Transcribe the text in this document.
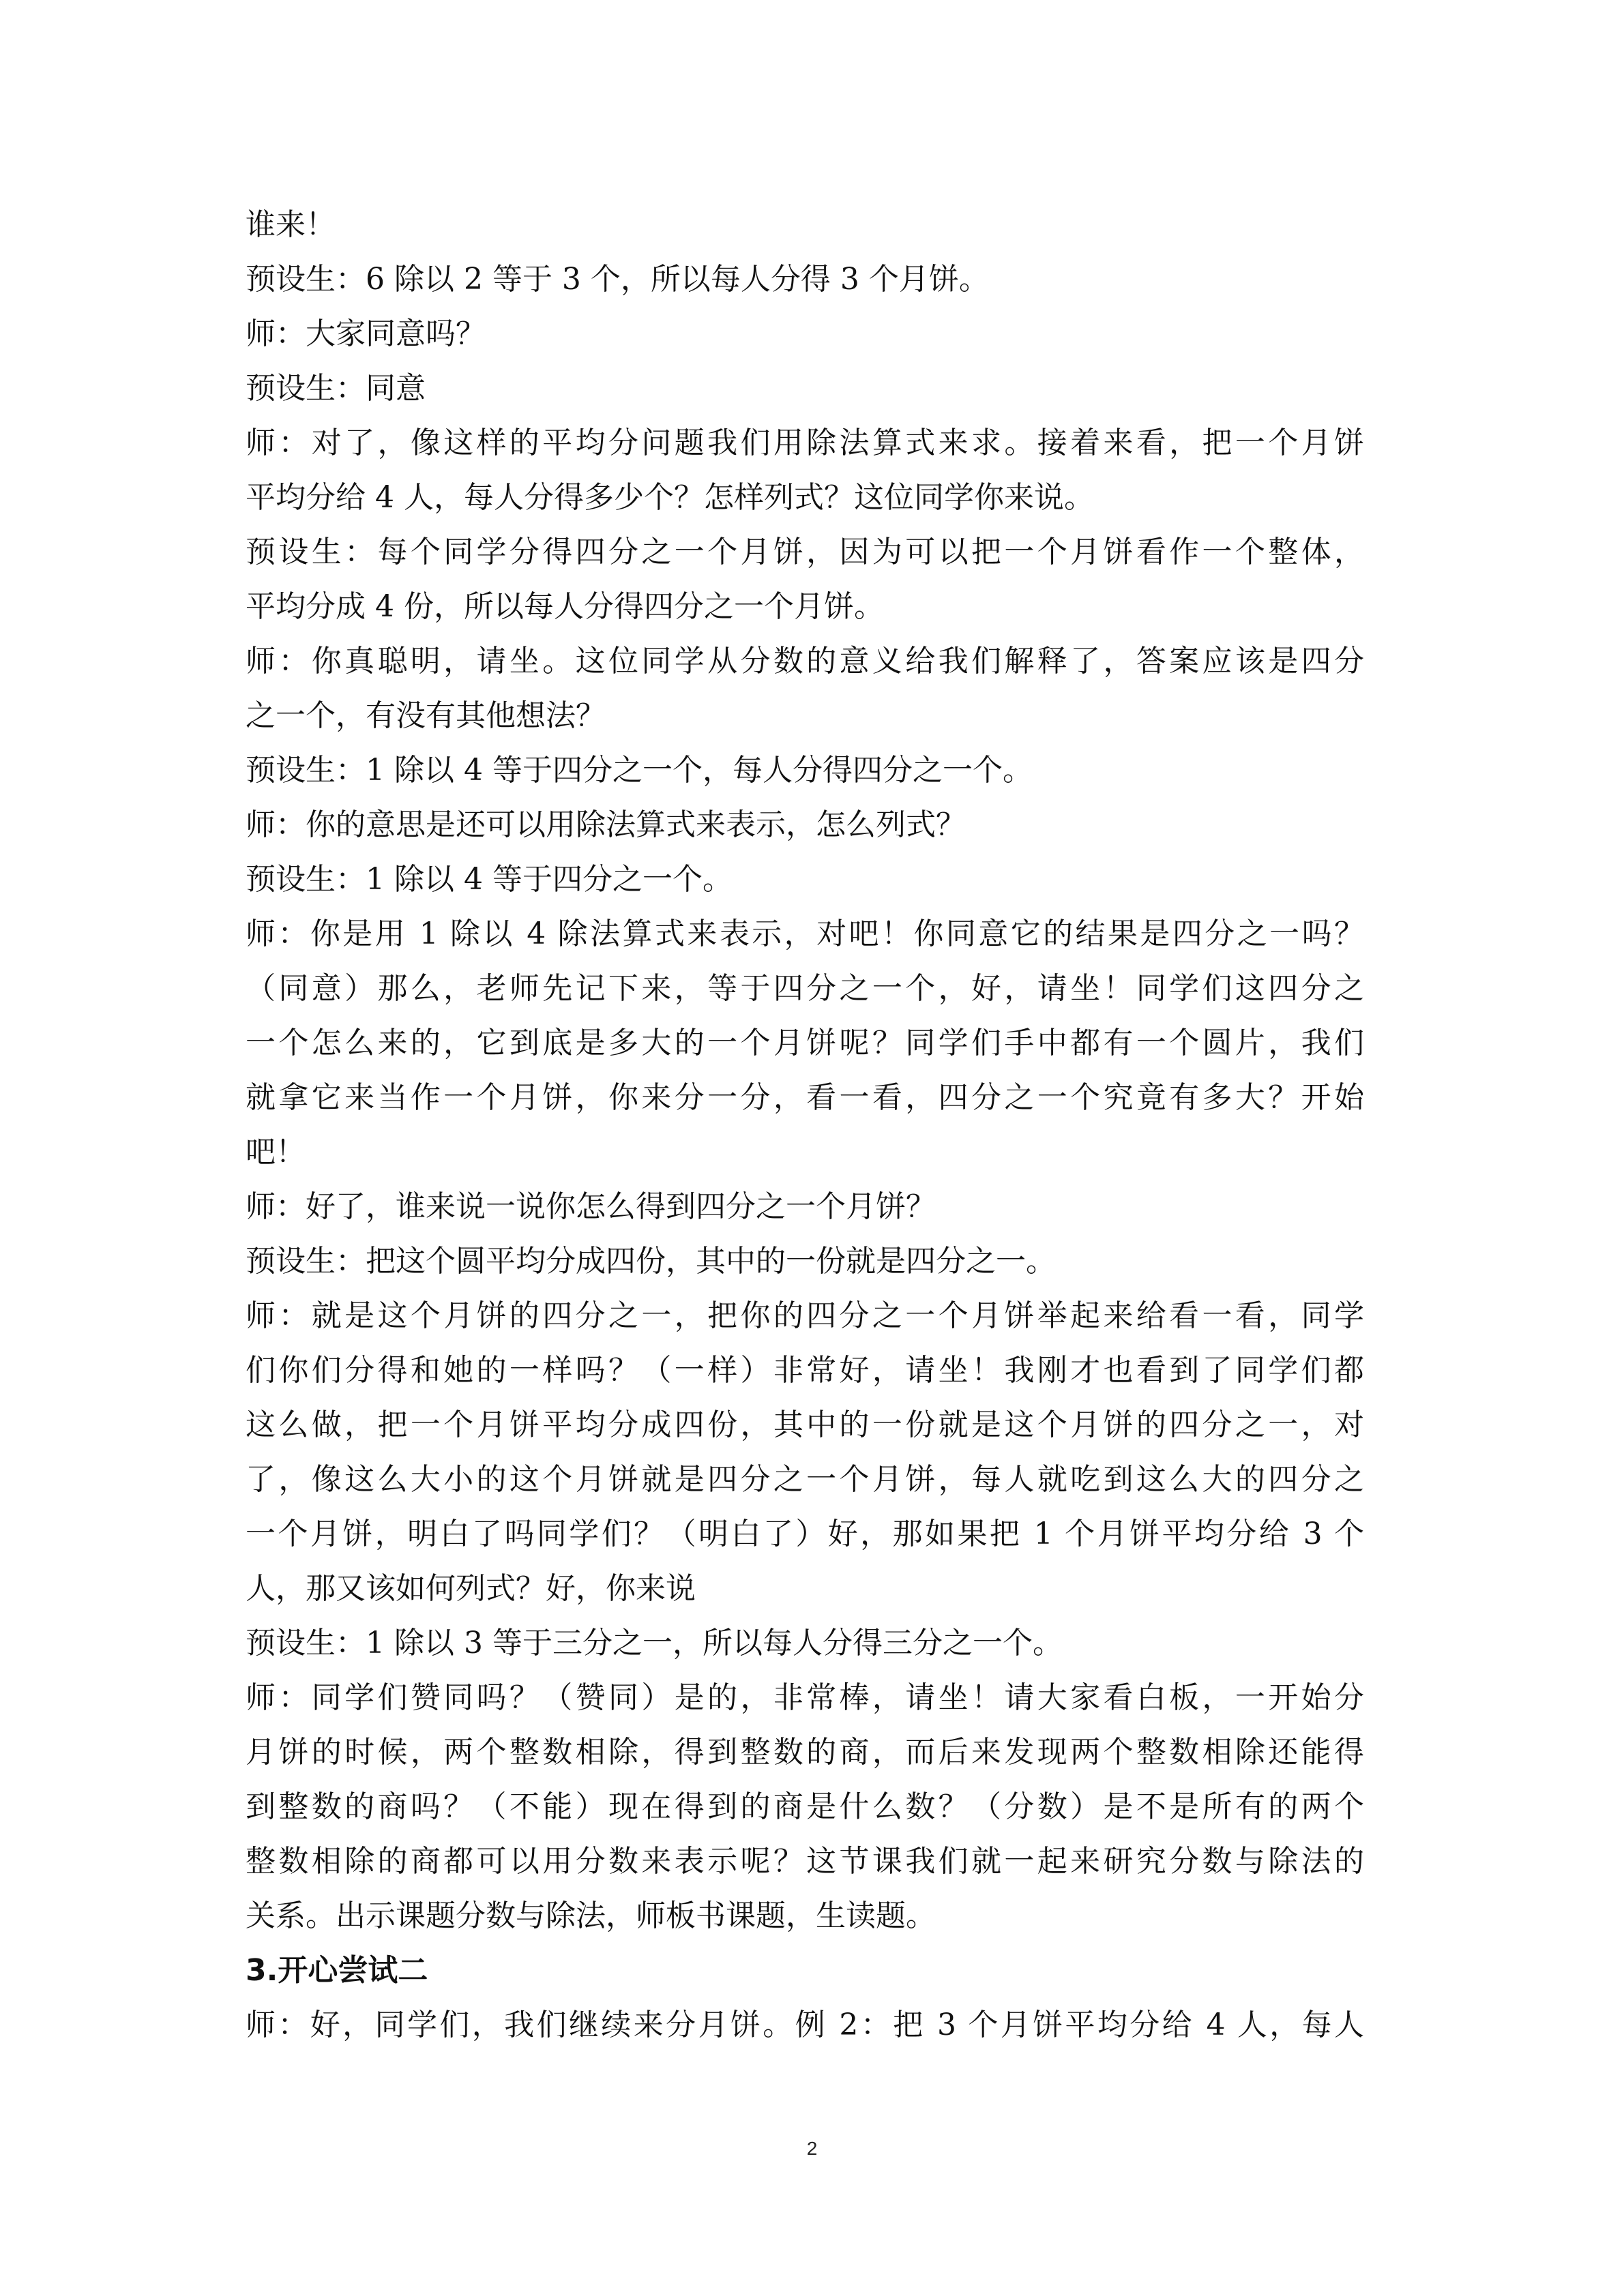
谁来！
预设生：6 除以 2 等于 3 个，所以每人分得 3 个月饼。
师：大家同意吗？
预设生：同意
师：对了，像这样的平均分问题我们用除法算式来求。接着来看，把一个月饼
平均分给 4 人，每人分得多少个？怎样列式？这位同学你来说。
预设生：每个同学分得四分之一个月饼，因为可以把一个月饼看作一个整体，
平均分成 4 份，所以每人分得四分之一个月饼。
师：你真聪明，请坐。这位同学从分数的意义给我们解释了，答案应该是四分
之一个，有没有其他想法？
预设生：1 除以 4 等于四分之一个，每人分得四分之一个。
师：你的意思是还可以用除法算式来表示，怎么列式？
预设生：1 除以 4 等于四分之一个。
师：你是用 1 除以 4 除法算式来表示，对吧！你同意它的结果是四分之一吗？
（同意）那么，老师先记下来，等于四分之一个，好，请坐！同学们这四分之
一个怎么来的，它到底是多大的一个月饼呢？同学们手中都有一个圆片，我们
就拿它来当作一个月饼，你来分一分，看一看，四分之一个究竟有多大？开始
吧！
师：好了，谁来说一说你怎么得到四分之一个月饼？
预设生：把这个圆平均分成四份，其中的一份就是四分之一。
师：就是这个月饼的四分之一，把你的四分之一个月饼举起来给看一看，同学
们你们分得和她的一样吗？（一样）非常好，请坐！我刚才也看到了同学们都
这么做，把一个月饼平均分成四份，其中的一份就是这个月饼的四分之一，对
了，像这么大小的这个月饼就是四分之一个月饼，每人就吃到这么大的四分之
一个月饼，明白了吗同学们？（明白了）好，那如果把 1 个月饼平均分给 3 个
人，那又该如何列式？好，你来说
预设生：1 除以 3 等于三分之一，所以每人分得三分之一个。
师：同学们赞同吗？（赞同）是的，非常棒，请坐！请大家看白板，一开始分
月饼的时候，两个整数相除，得到整数的商，而后来发现两个整数相除还能得
到整数的商吗？（不能）现在得到的商是什么数？（分数）是不是所有的两个
整数相除的商都可以用分数来表示呢？这节课我们就一起来研究分数与除法的
关系。出示课题分数与除法，师板书课题，生读题。
3.开心尝试二
师：好，同学们，我们继续来分月饼。例 2：把 3 个月饼平均分给 4 人，每人
2
